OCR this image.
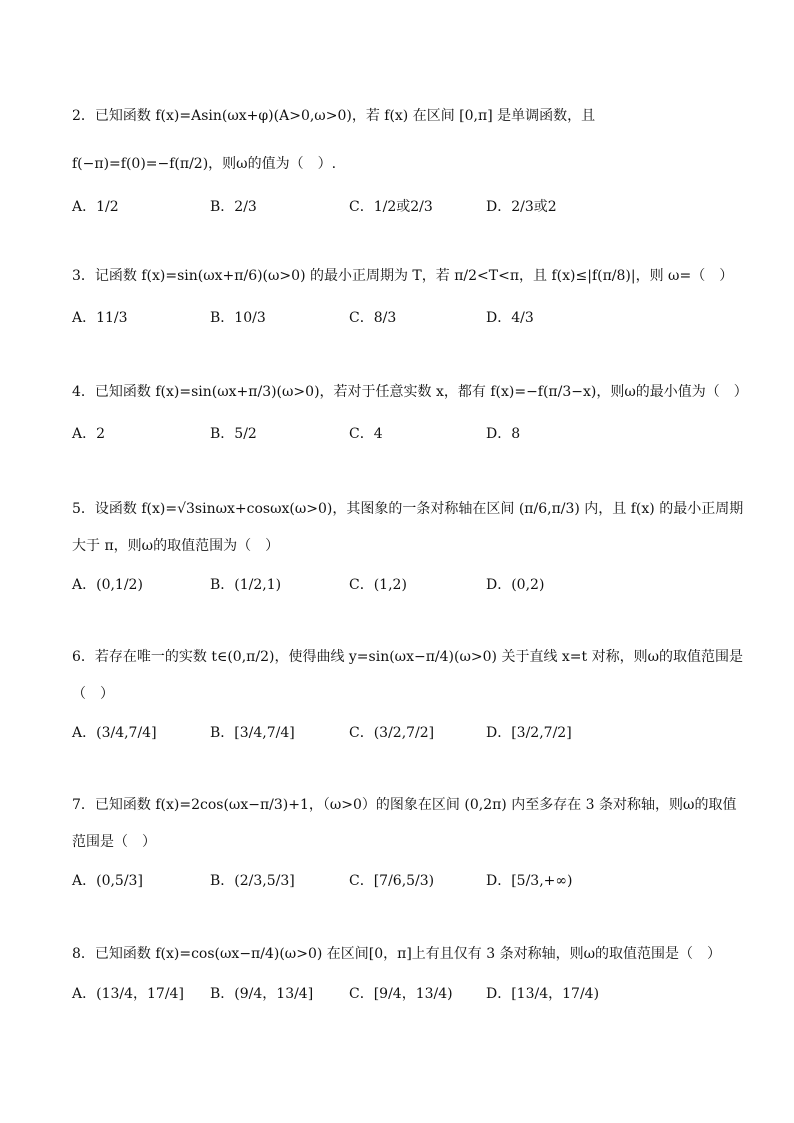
2．已知函数 f(x)=Asin(ωx+φ)(A>0,ω>0)，若 f(x) 在区间 [0,π] 是单调函数，且
f(−π)=f(0)=−f(π/2)，则ω的值为（　）.
A．1/2	B．2/3	C．1/2或2/3	D．2/3或2
3．记函数 f(x)=sin(ωx+π/6)(ω>0) 的最小正周期为 T，若 π/2<T<π，且 f(x)≤|f(π/8)|，则 ω=（　）
A．11/3	B．10/3	C．8/3	D．4/3
4．已知函数 f(x)=sin(ωx+π/3)(ω>0)，若对于任意实数 x，都有 f(x)=−f(π/3−x)，则ω的最小值为（　）
A．2	B．5/2	C．4	D．8
5．设函数 f(x)=√3sinωx+cosωx(ω>0)，其图象的一条对称轴在区间 (π/6,π/3) 内，且 f(x) 的最小正周期
大于 π，则ω的取值范围为（　）
A．(0,1/2)	B．(1/2,1)	C．(1,2)	D．(0,2)
6．若存在唯一的实数 t∈(0,π/2)，使得曲线 y=sin(ωx−π/4)(ω>0) 关于直线 x=t 对称，则ω的取值范围是
（　）
A．(3/4,7/4]	B．[3/4,7/4]	C．(3/2,7/2]	D．[3/2,7/2]
7．已知函数 f(x)=2cos(ωx−π/3)+1，（ω>0）的图象在区间 (0,2π) 内至多存在 3 条对称轴，则ω的取值
范围是（　）
A．(0,5/3]	B．(2/3,5/3]	C．[7/6,5/3)	D．[5/3,+∞)
8．已知函数 f(x)=cos(ωx−π/4)(ω>0) 在区间[0，π]上有且仅有 3 条对称轴，则ω的取值范围是（　）
A．(13/4，17/4] B．(9/4，13/4]	C．[9/4，13/4) D．[13/4，17/4)
